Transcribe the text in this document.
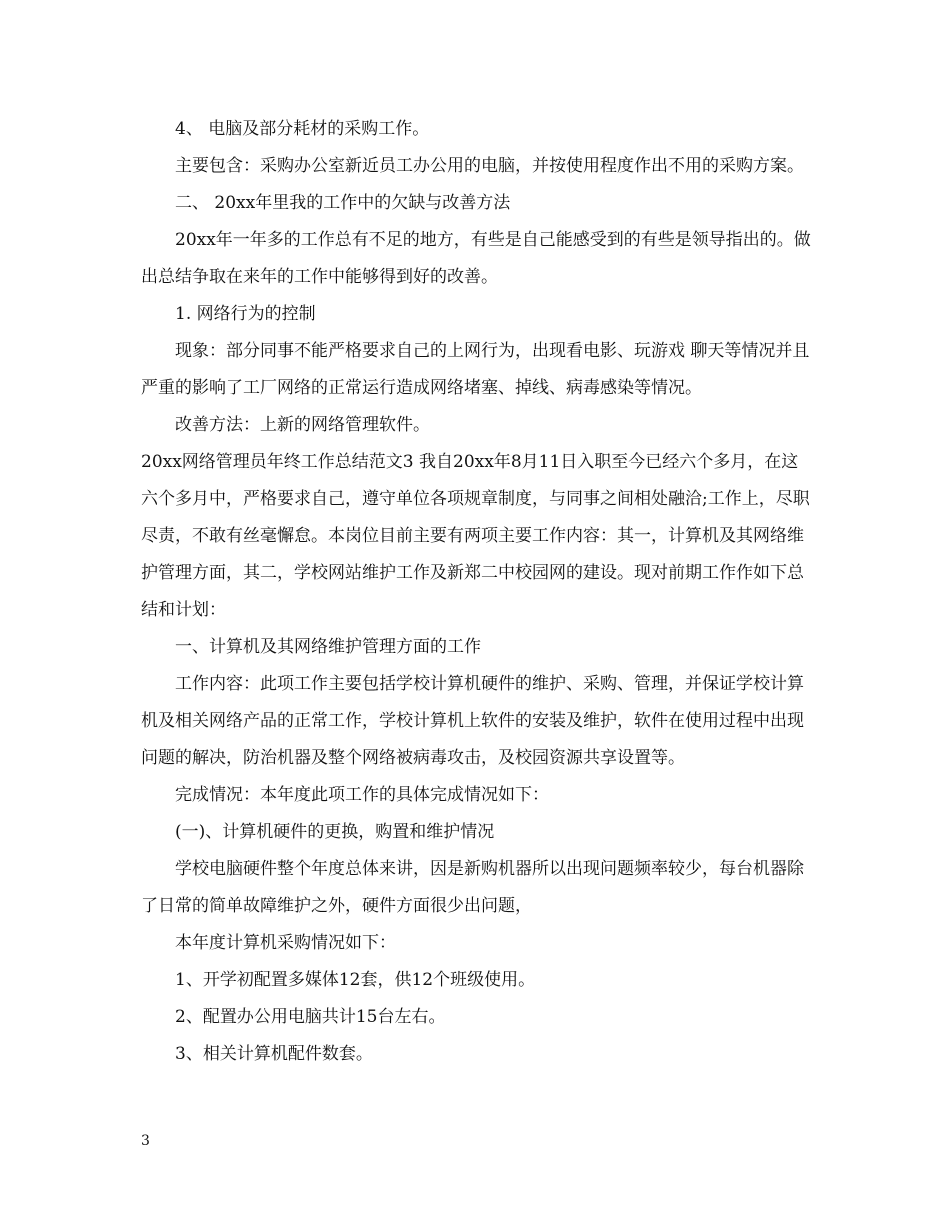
4、 电脑及部分耗材的采购工作。

主要包含：采购办公室新近员工办公用的电脑，并按使用程度作出不用的采购方案。

二、 20xx年里我的工作中的欠缺与改善方法

20xx年一年多的工作总有不足的地方，有些是自己能感受到的有些是领导指出的。做出总结争取在来年的工作中能够得到好的改善。

1. 网络行为的控制

现象：部分同事不能严格要求自己的上网行为，出现看电影、玩游戏 聊天等情况并且严重的影响了工厂网络的正常运行造成网络堵塞、掉线、病毒感染等情况。

改善方法：上新的网络管理软件。

20xx网络管理员年终工作总结范文3 我自20xx年8月11日入职至今已经六个多月，在这六个多月中，严格要求自己，遵守单位各项规章制度，与同事之间相处融洽;工作上，尽职尽责，不敢有丝毫懈怠。本岗位目前主要有两项主要工作内容：其一，计算机及其网络维护管理方面，其二，学校网站维护工作及新郑二中校园网的建设。现对前期工作作如下总结和计划：

一、计算机及其网络维护管理方面的工作

工作内容：此项工作主要包括学校计算机硬件的维护、采购、管理，并保证学校计算机及相关网络产品的正常工作，学校计算机上软件的安装及维护，软件在使用过程中出现问题的解决，防治机器及整个网络被病毒攻击，及校园资源共享设置等。

完成情况：本年度此项工作的具体完成情况如下：

(一)、计算机硬件的更换，购置和维护情况

学校电脑硬件整个年度总体来讲，因是新购机器所以出现问题频率较少，每台机器除了日常的简单故障维护之外，硬件方面很少出问题，

本年度计算机采购情况如下：

1、开学初配置多媒体12套，供12个班级使用。

2、配置办公用电脑共计15台左右。

3、相关计算机配件数套。

3
